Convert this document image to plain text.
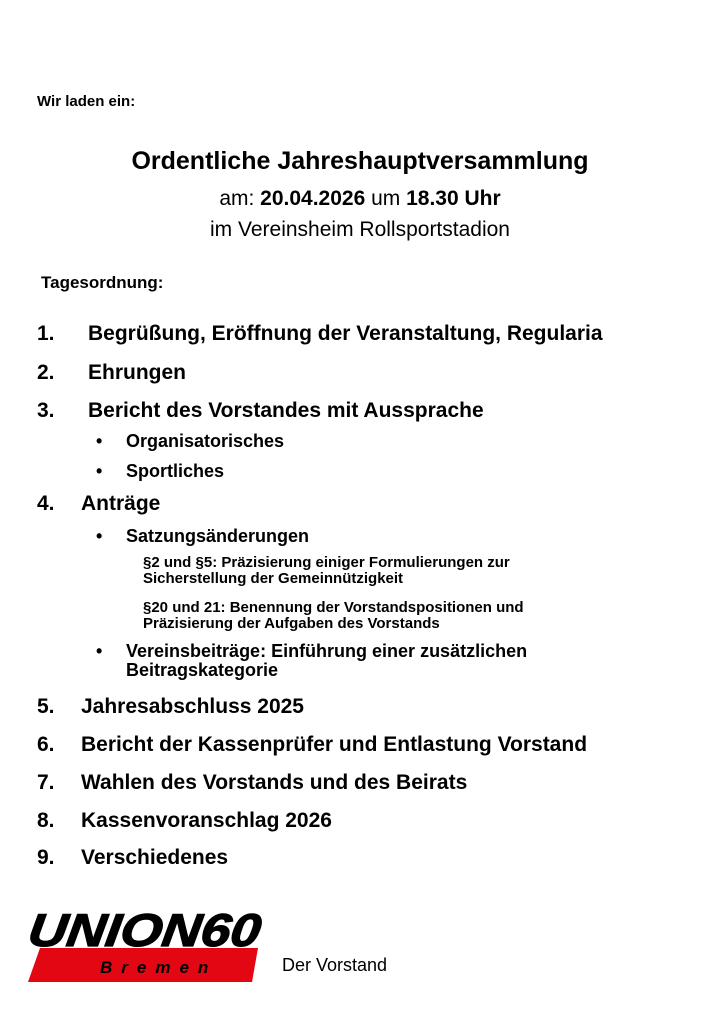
Wir laden ein:
Ordentliche Jahreshauptversammlung
am: 20.04.2026 um 18.30 Uhr
im Vereinsheim Rollsportstadion
Tagesordnung:
1. Begrüßung, Eröffnung der Veranstaltung, Regularia
2. Ehrungen
3. Bericht des Vorstandes mit Aussprache
• Organisatorisches
• Sportliches
4. Anträge
• Satzungsänderungen
§2 und §5: Präzisierung einiger Formulierungen zur Sicherstellung der Gemeinnützigkeit
§20 und 21: Benennung der Vorstandspositionen und Präzisierung der Aufgaben des Vorstands
• Vereinsbeiträge: Einführung einer zusätzlichen Beitragskategorie
5. Jahresabschluss 2025
6. Bericht der Kassenprüfer und Entlastung Vorstand
7. Wahlen des Vorstands und des Beirats
8. Kassenvoranschlag 2026
9. Verschiedenes
UNION60
Bremen	Der Vorstand
